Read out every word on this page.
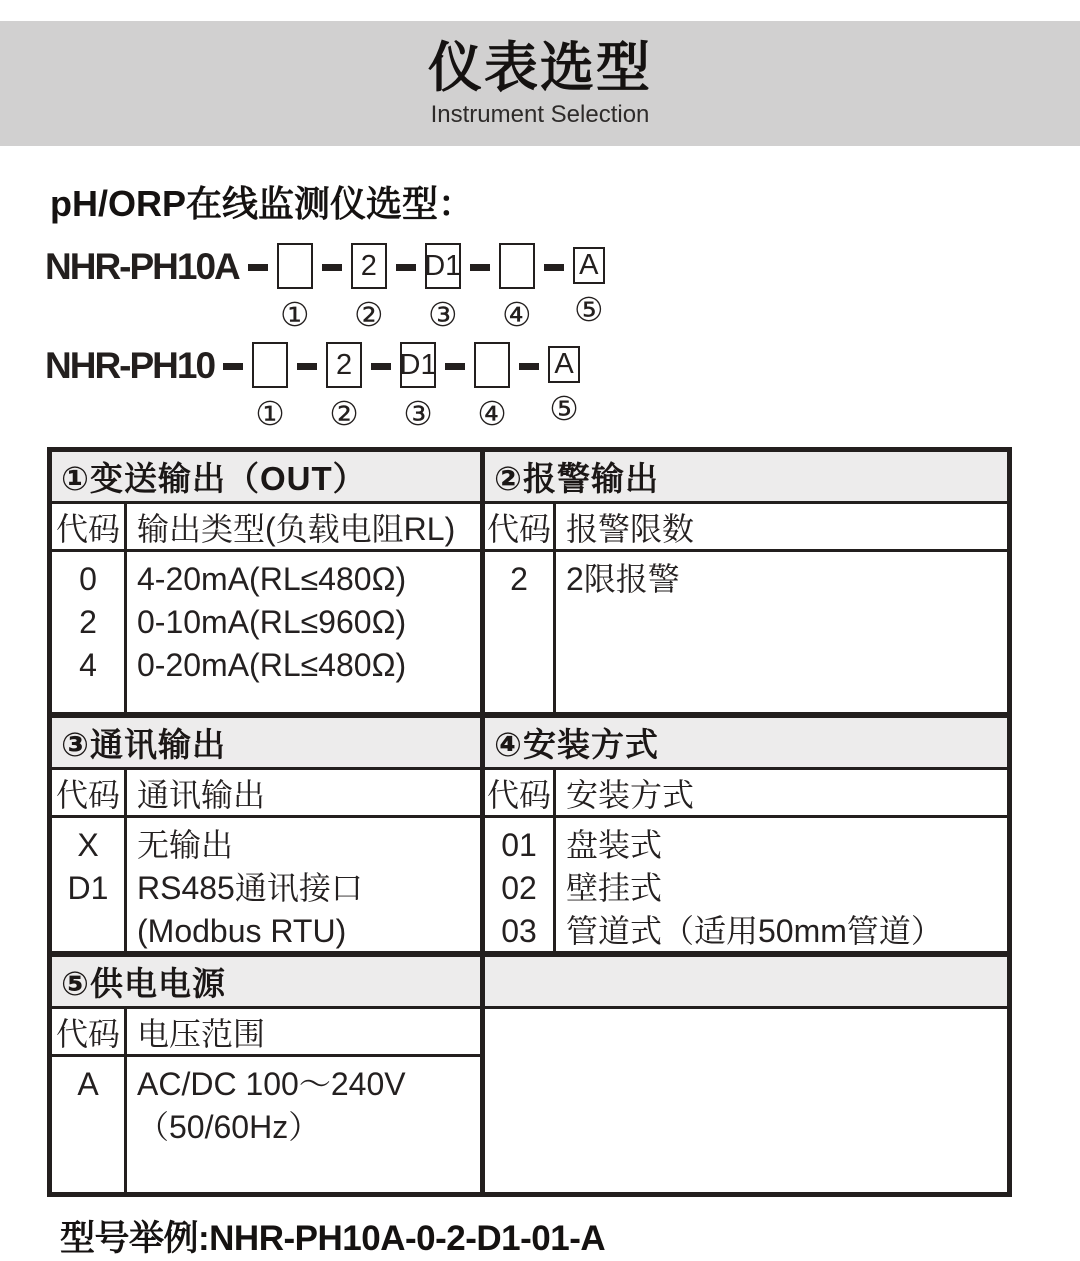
仪表选型
Instrument Selection
pH/ORP在线监测仪选型：
NHR-PH10A
①
2
②
D1
③ ④
A
⑤
NHR-PH10
①
2
②
D1
③ ④
A
⑤
①变送输出（OUT）
代码 输出类型(负载电阻RL)
0
2
4
4-20mA(RL≤480Ω)
0-10mA(RL≤960Ω)
0-20mA(RL≤480Ω)
②报警输出
代码 报警限数
2	2限报警
③通讯输出
代码 通讯输出
X
D1
无输出
RS485通讯接口
(Modbus RTU)
④安装方式
代码 安装方式
01
02
03
盘装式
壁挂式
管道式（适用50mm管道）
⑤供电电源
代码 电压范围
A	AC/DC 100～240V
（50/60Hz）
型号举例:NHR-PH10A-0-2-D1-01-A
